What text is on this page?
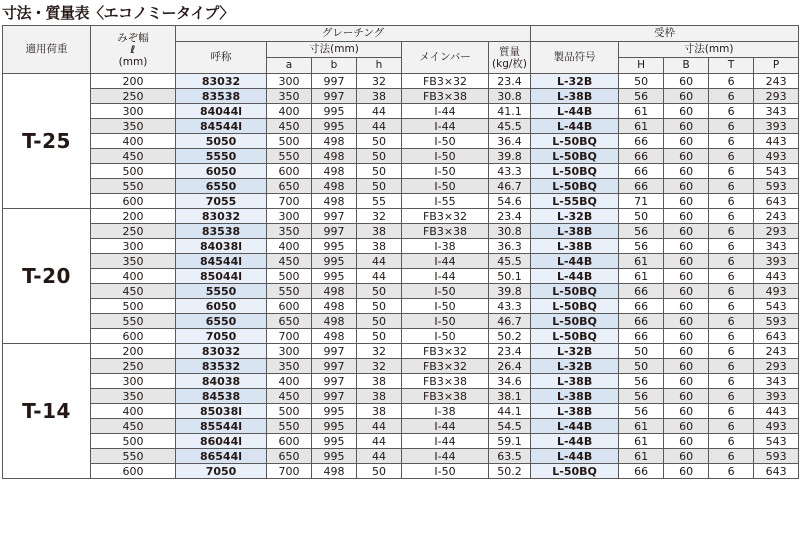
寸法・質量表〈エコノミータイプ〉
適用荷重	みぞ幅
ℓ
(mm)	グレーチング						受枠				
		呼称	寸法(mm)			メインバー	質量
(kg/枚)	製品符号	寸法(mm)			
			a	b	h				H	B	T	P
T-25	200	83032	300	997	32	FB3×32	23.4	L-32B	50	60	6	243
	250	83538	350	997	38	FB3×38	30.8	L-38B	56	60	6	293
	300	84044l	400	995	44	I-44	41.1	L-44B	61	60	6	343
	350	84544l	450	995	44	I-44	45.5	L-44B	61	60	6	393
	400	5050	500	498	50	I-50	36.4	L-50BQ	66	60	6	443
	450	5550	550	498	50	I-50	39.8	L-50BQ	66	60	6	493
	500	6050	600	498	50	I-50	43.3	L-50BQ	66	60	6	543
	550	6550	650	498	50	I-50	46.7	L-50BQ	66	60	6	593
	600	7055	700	498	55	I-55	54.6	L-55BQ	71	60	6	643
T-20	200	83032	300	997	32	FB3×32	23.4	L-32B	50	60	6	243
	250	83538	350	997	38	FB3×38	30.8	L-38B	56	60	6	293
	300	84038l	400	995	38	I-38	36.3	L-38B	56	60	6	343
	350	84544l	450	995	44	I-44	45.5	L-44B	61	60	6	393
	400	85044l	500	995	44	I-44	50.1	L-44B	61	60	6	443
	450	5550	550	498	50	I-50	39.8	L-50BQ	66	60	6	493
	500	6050	600	498	50	I-50	43.3	L-50BQ	66	60	6	543
	550	6550	650	498	50	I-50	46.7	L-50BQ	66	60	6	593
	600	7050	700	498	50	I-50	50.2	L-50BQ	66	60	6	643
T-14	200	83032	300	997	32	FB3×32	23.4	L-32B	50	60	6	243
	250	83532	350	997	32	FB3×32	26.4	L-32B	50	60	6	293
	300	84038	400	997	38	FB3×38	34.6	L-38B	56	60	6	343
	350	84538	450	997	38	FB3×38	38.1	L-38B	56	60	6	393
	400	85038l	500	995	38	I-38	44.1	L-38B	56	60	6	443
	450	85544l	550	995	44	I-44	54.5	L-44B	61	60	6	493
	500	86044l	600	995	44	I-44	59.1	L-44B	61	60	6	543
	550	86544l	650	995	44	I-44	63.5	L-44B	61	60	6	593
	600	7050	700	498	50	I-50	50.2	L-50BQ	66	60	6	643
